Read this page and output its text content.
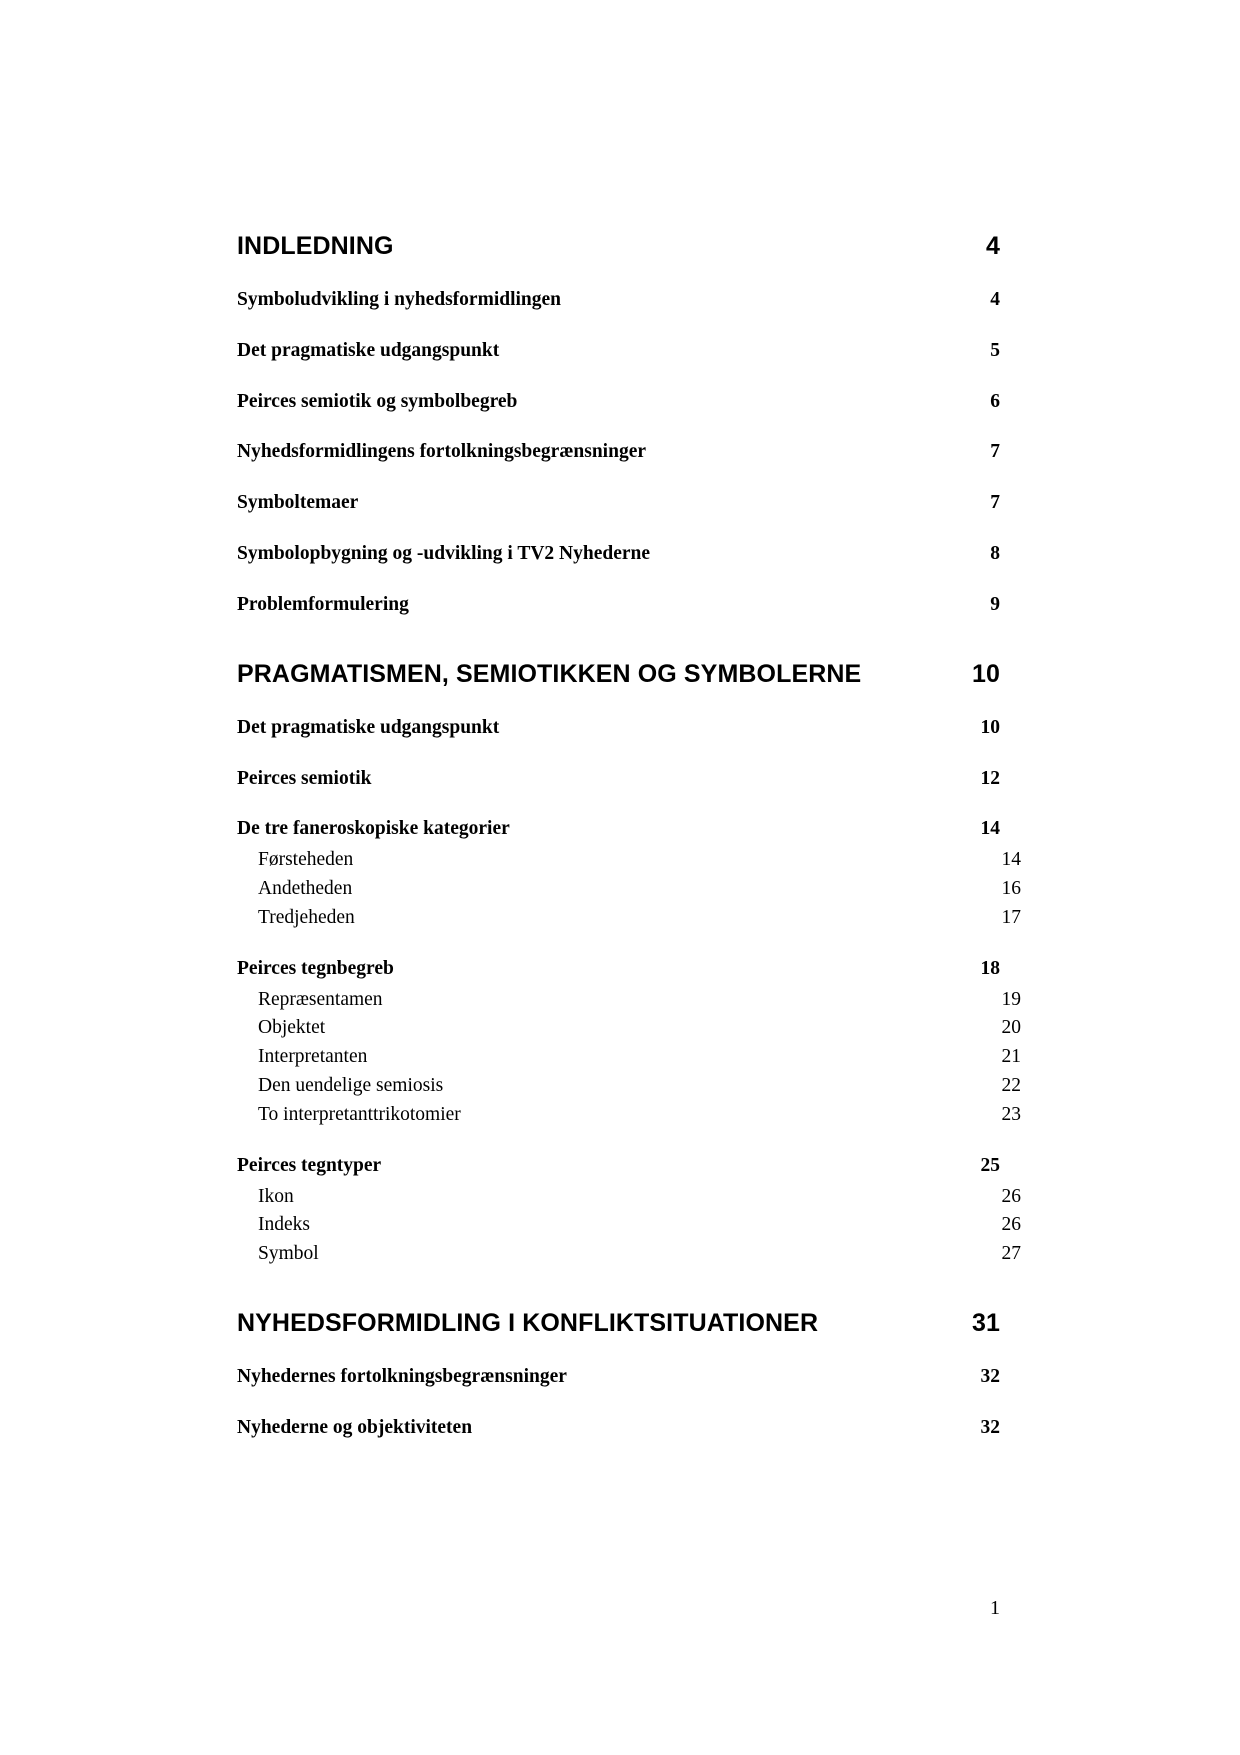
INDLEDNING	4
Symboludvikling i nyhedsformidlingen	4
Det pragmatiske udgangspunkt	5
Peirces semiotik og symbolbegreb	6
Nyhedsformidlingens fortolkningsbegrænsninger	7
Symboltemaer	7
Symbolopbygning og -udvikling i TV2 Nyhederne	8
Problemformulering	9
PRAGMATISMEN, SEMIOTIKKEN OG SYMBOLERNE	10
Det pragmatiske udgangspunkt	10
Peirces semiotik	12
De tre faneroskopiske kategorier	14
Førsteheden	14
Andetheden	16
Tredjeheden	17
Peirces tegnbegreb	18
Repræsentamen	19
Objektet	20
Interpretanten	21
Den uendelige semiosis	22
To interpretanttrikotomier	23
Peirces tegntyper	25
Ikon	26
Indeks	26
Symbol	27
NYHEDSFORMIDLING I KONFLIKTSITUATIONER	31
Nyhedernes fortolkningsbegrænsninger	32
Nyhederne og objektiviteten	32
1
